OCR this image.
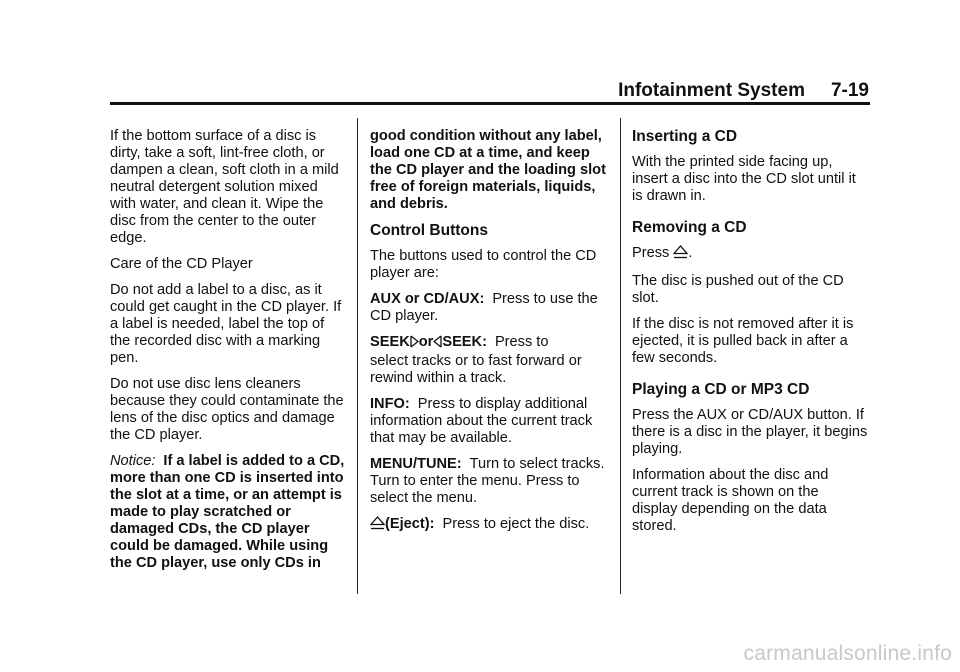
Infotainment System 7-19

If the bottom surface of a disc is dirty, take a soft, lint-free cloth, or dampen a clean, soft cloth in a mild neutral detergent solution mixed with water, and clean it. Wipe the disc from the center to the outer edge.

Care of the CD Player

Do not add a label to a disc, as it could get caught in the CD player. If a label is needed, label the top of the recorded disc with a marking pen.

Do not use disc lens cleaners because they could contaminate the lens of the disc optics and damage the CD player.

Notice: If a label is added to a CD, more than one CD is inserted into the slot at a time, or an attempt is made to play scratched or damaged CDs, the CD player could be damaged. While using the CD player, use only CDs in

good condition without any label, load one CD at a time, and keep the CD player and the loading slot free of foreign materials, liquids, and debris.

Control Buttons

The buttons used to control the CD player are:

AUX or CD/AUX: Press to use the CD player.

SEEK or SEEK: Press to
select tracks or to fast forward or rewind within a track.

INFO: Press to display additional information about the current track that may be available.

MENU/TUNE: Turn to select tracks. Turn to enter the menu. Press to select the menu.

(Eject): Press to eject the disc.

Inserting a CD

With the printed side facing up, insert a disc into the CD slot until it is drawn in.

Removing a CD

Press .

The disc is pushed out of the CD slot.

If the disc is not removed after it is ejected, it is pulled back in after a few seconds.

Playing a CD or MP3 CD

Press the AUX or CD/AUX button. If there is a disc in the player, it begins playing.

Information about the disc and current track is shown on the display depending on the data stored.

carmanualsonline.info
